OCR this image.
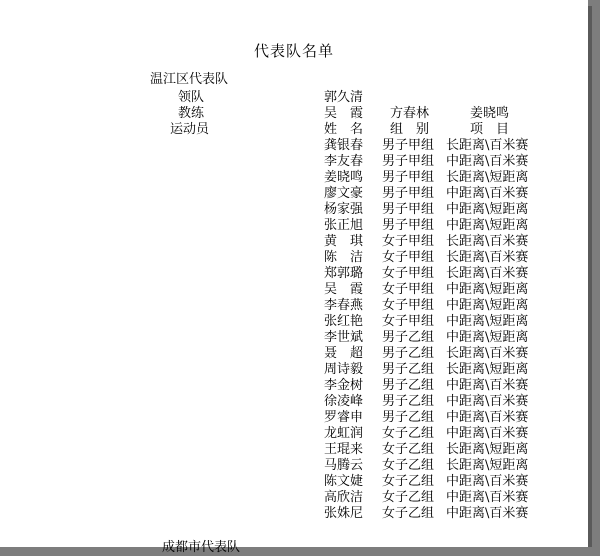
代表队名单
温江区代表队
领队	郭久清
教练	吴　霞 方春林	姜晓鸣
运动员	姓　名 组　别	项　目
龚银春 男子甲组 长距离\百米赛
李友春 男子甲组 中距离\百米赛
姜晓鸣 男子甲组 长距离\短距离
廖文豪 男子甲组 中距离\百米赛
杨家强 男子甲组 中距离\短距离
张正旭 男子甲组 中距离\短距离
黄　琪 女子甲组 长距离\百米赛
陈　洁 女子甲组 长距离\百米赛
郑郭璐 女子甲组 长距离\百米赛
吴　霞 女子甲组 中距离\短距离
李春燕 女子甲组 中距离\短距离
张红艳 女子甲组 中距离\短距离
李世斌 男子乙组 中距离\短距离
聂　超 男子乙组 长距离\百米赛
周诗毅 男子乙组 长距离\短距离
李金树 男子乙组 中距离\百米赛
徐凌峰 男子乙组 中距离\百米赛
罗睿申 男子乙组 中距离\百米赛
龙虹润 女子乙组 中距离\百米赛
王琨来 女子乙组 长距离\短距离
马腾云 女子乙组 长距离\短距离
陈文婕 女子乙组 中距离\百米赛
高欣洁 女子乙组 中距离\百米赛
张姝尼 女子乙组 中距离\百米赛
成都市代表队
